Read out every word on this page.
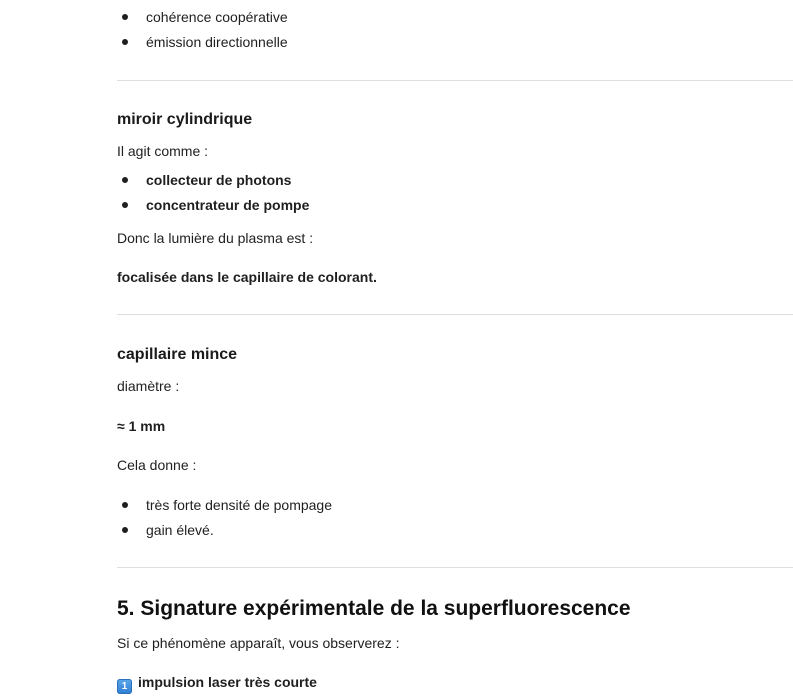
cohérence coopérative
émission directionnelle
miroir cylindrique
Il agit comme :
collecteur de photons
concentrateur de pompe
Donc la lumière du plasma est :
focalisée dans le capillaire de colorant.
capillaire mince
diamètre :
≈ 1 mm
Cela donne :
très forte densité de pompage
gain élevé.
5. Signature expérimentale de la superfluorescence
Si ce phénomène apparaît, vous observerez :
1 impulsion laser très courte
